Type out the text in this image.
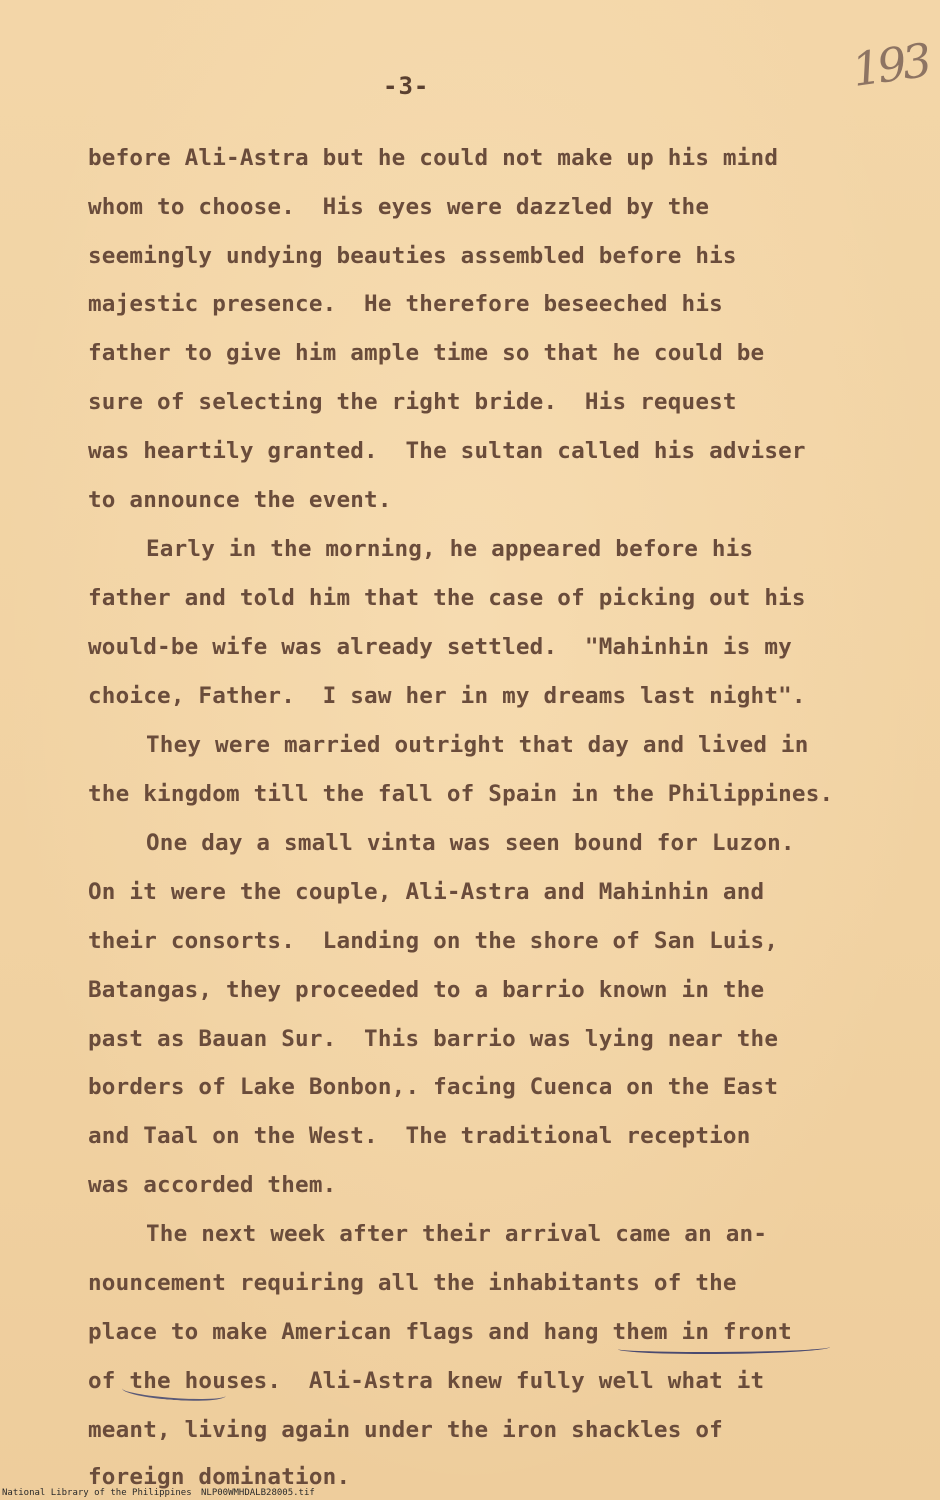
193
-3-
before Ali-Astra but he could not make up his mind
whom to choose.  His eyes were dazzled by the
seemingly undying beauties assembled before his
majestic presence.  He therefore beseeched his
father to give him ample time so that he could be
sure of selecting the right bride.  His request
was heartily granted.  The sultan called his adviser
to announce the event.
Early in the morning, he appeared before his
father and told him that the case of picking out his
would-be wife was already settled.  "Mahinhin is my
choice, Father.  I saw her in my dreams last night".
They were married outright that day and lived in
the kingdom till the fall of Spain in the Philippines.
One day a small vinta was seen bound for Luzon.
On it were the couple, Ali-Astra and Mahinhin and
their consorts.  Landing on the shore of San Luis,
Batangas, they proceeded to a barrio known in the
past as Bauan Sur.  This barrio was lying near the
borders of Lake Bonbon,. facing Cuenca on the East
and Taal on the West.  The traditional reception
was accorded them.
The next week after their arrival came an an-
nouncement requiring all the inhabitants of the
place to make American flags and hang them in front
of the houses.  Ali-Astra knew fully well what it
meant, living again under the iron shackles of
foreign domination.
National Library of the Philippines NLP00WMHDALB28005.tif
